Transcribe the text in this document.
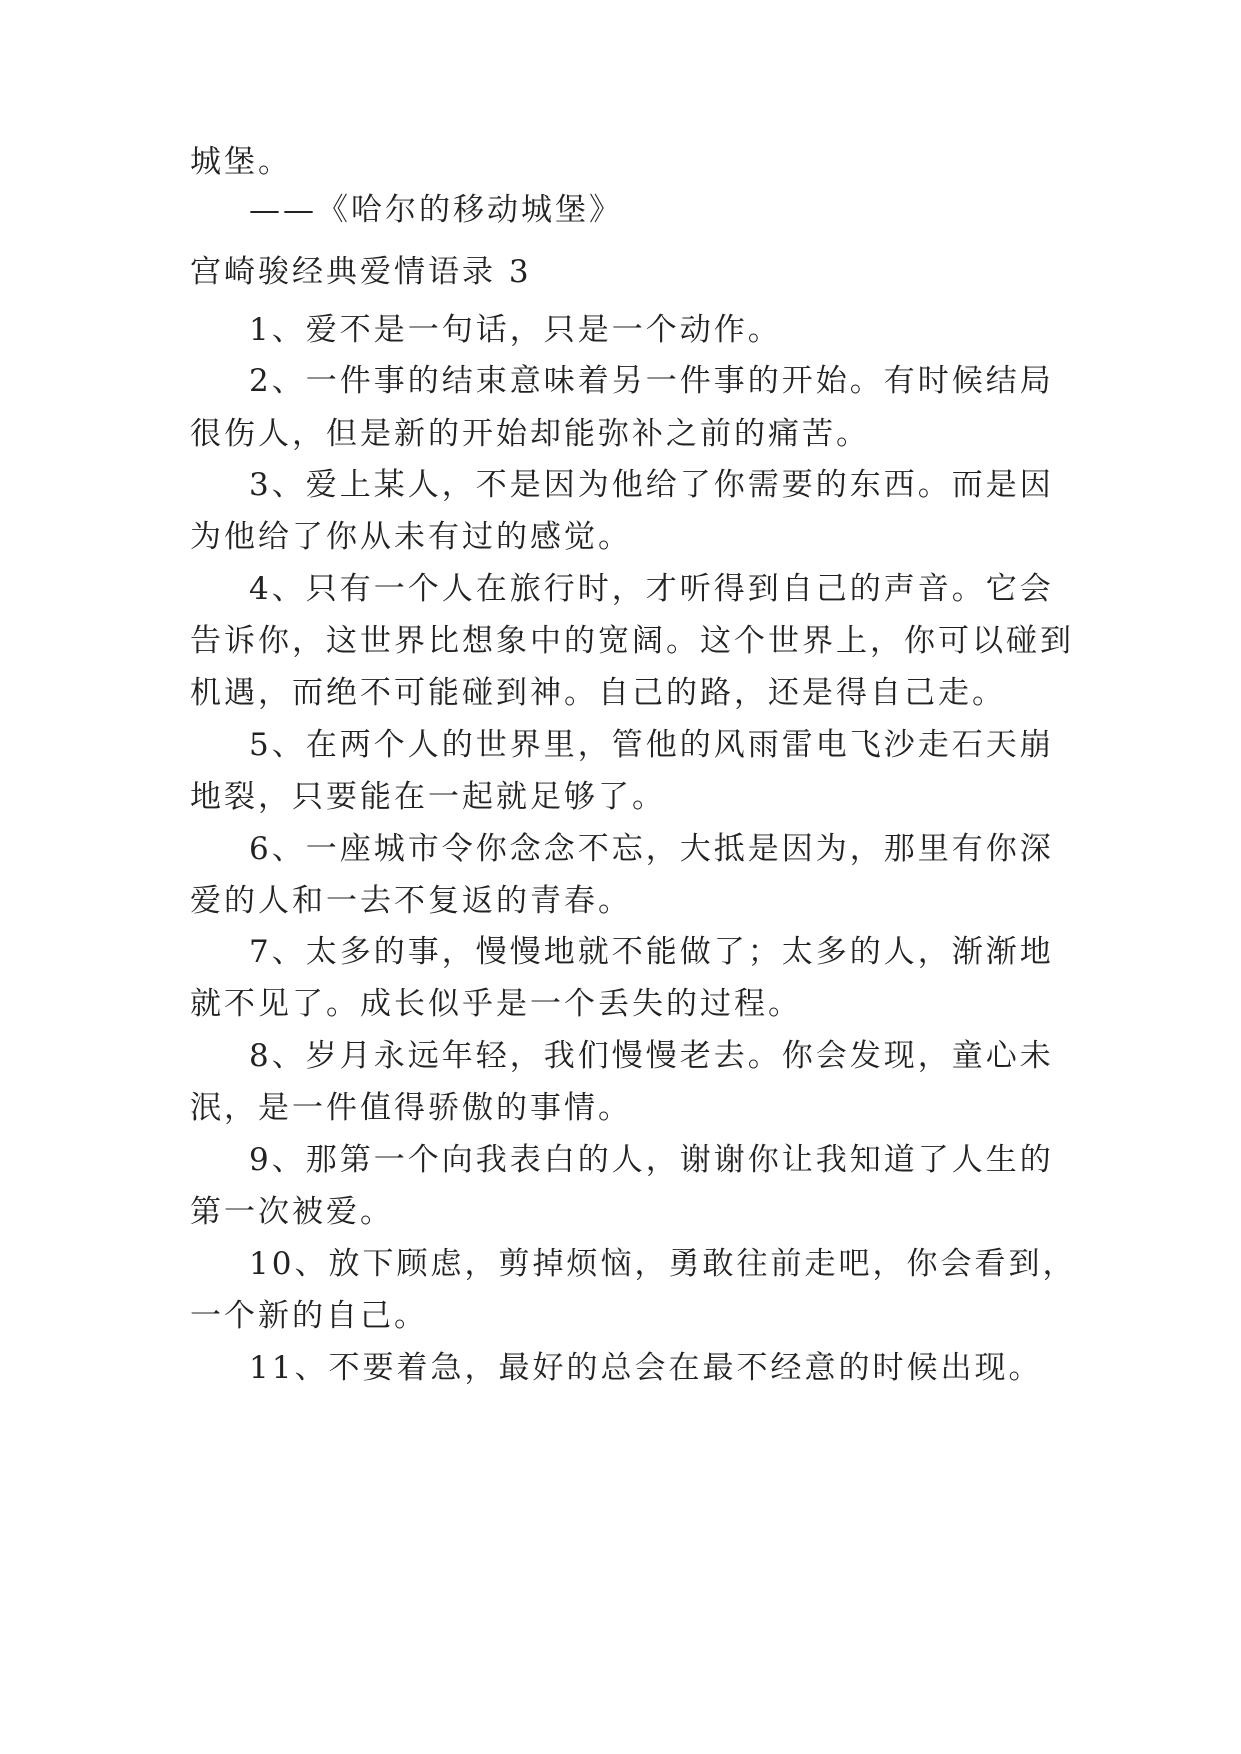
城堡。
——《哈尔的移动城堡》
宫崎骏经典爱情语录 3
1、爱不是一句话，只是一个动作。
2、一件事的结束意味着另一件事的开始。有时候结局
很伤人，但是新的开始却能弥补之前的痛苦。
3、爱上某人，不是因为他给了你需要的东西。而是因
为他给了你从未有过的感觉。
4、只有一个人在旅行时，才听得到自己的声音。它会
告诉你，这世界比想象中的宽阔。这个世界上，你可以碰到
机遇，而绝不可能碰到神。自己的路，还是得自己走。
5、在两个人的世界里，管他的风雨雷电飞沙走石天崩
地裂，只要能在一起就足够了。
6、一座城市令你念念不忘，大抵是因为，那里有你深
爱的人和一去不复返的青春。
7、太多的事，慢慢地就不能做了；太多的人，渐渐地
就不见了。成长似乎是一个丢失的过程。
8、岁月永远年轻，我们慢慢老去。你会发现，童心未
泯，是一件值得骄傲的事情。
9、那第一个向我表白的人，谢谢你让我知道了人生的
第一次被爱。
10、放下顾虑，剪掉烦恼，勇敢往前走吧，你会看到，
一个新的自己。
11、不要着急，最好的总会在最不经意的时候出现。
